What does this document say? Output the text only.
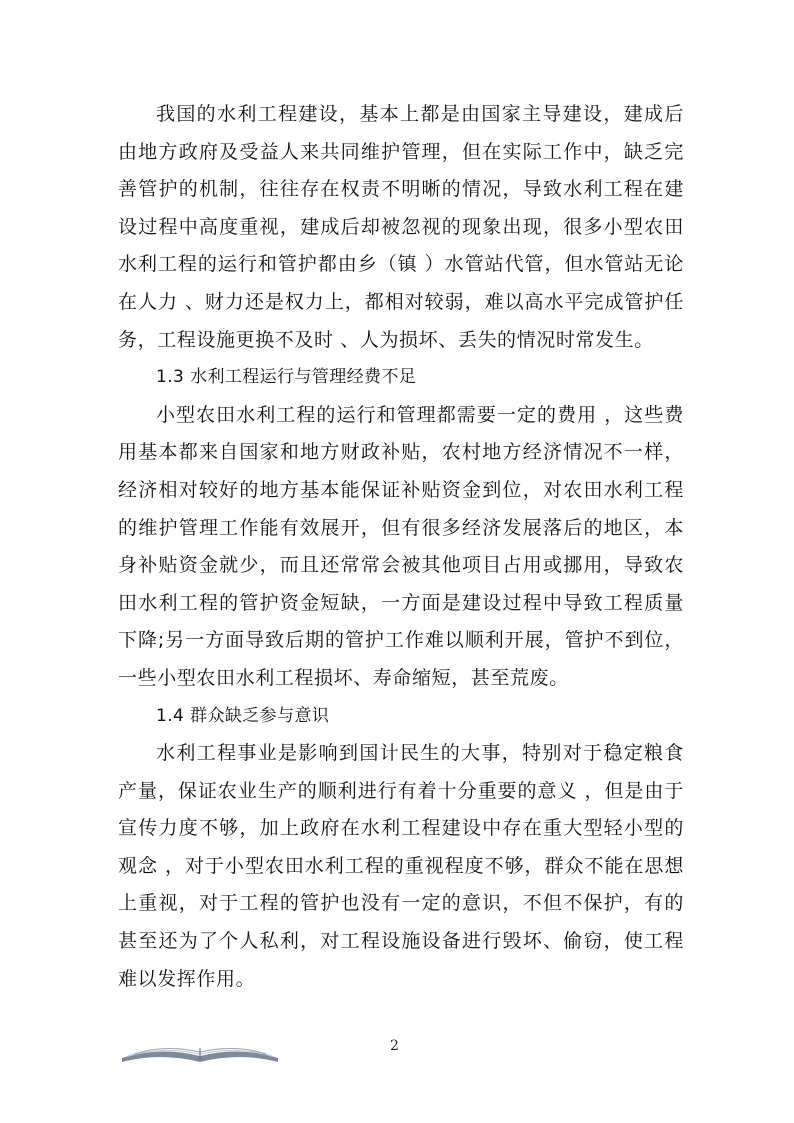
我国的水利工程建设，基本上都是由国家主导建设，建成后由地方政府及受益人来共同维护管理，但在实际工作中，缺乏完善管护的机制，往往存在权责不明晰的情况，导致水利工程在建设过程中高度重视，建成后却被忽视的现象出现，很多小型农田水利工程的运行和管护都由乡（镇 ）水管站代管，但水管站无论在人力 、财力还是权力上，都相对较弱，难以高水平完成管护任务，工程设施更换不及时 、人为损坏、丢失的情况时常发生。

1.3 水利工程运行与管理经费不足

小型农田水利工程的运行和管理都需要一定的费用 ，这些费用基本都来自国家和地方财政补贴，农村地方经济情况不一样，经济相对较好的地方基本能保证补贴资金到位，对农田水利工程的维护管理工作能有效展开，但有很多经济发展落后的地区，本身补贴资金就少，而且还常常会被其他项目占用或挪用，导致农田水利工程的管护资金短缺，一方面是建设过程中导致工程质量下降;另一方面导致后期的管护工作难以顺利开展，管护不到位，一些小型农田水利工程损坏、寿命缩短，甚至荒废。

1.4 群众缺乏参与意识

水利工程事业是影响到国计民生的大事，特别对于稳定粮食产量，保证农业生产的顺利进行有着十分重要的意义 ，但是由于宣传力度不够，加上政府在水利工程建设中存在重大型轻小型的观念 ，对于小型农田水利工程的重视程度不够，群众不能在思想上重视，对于工程的管护也没有一定的意识，不但不保护，有的甚至还为了个人私利，对工程设施设备进行毁坏、偷窃，使工程难以发挥作用。

2
